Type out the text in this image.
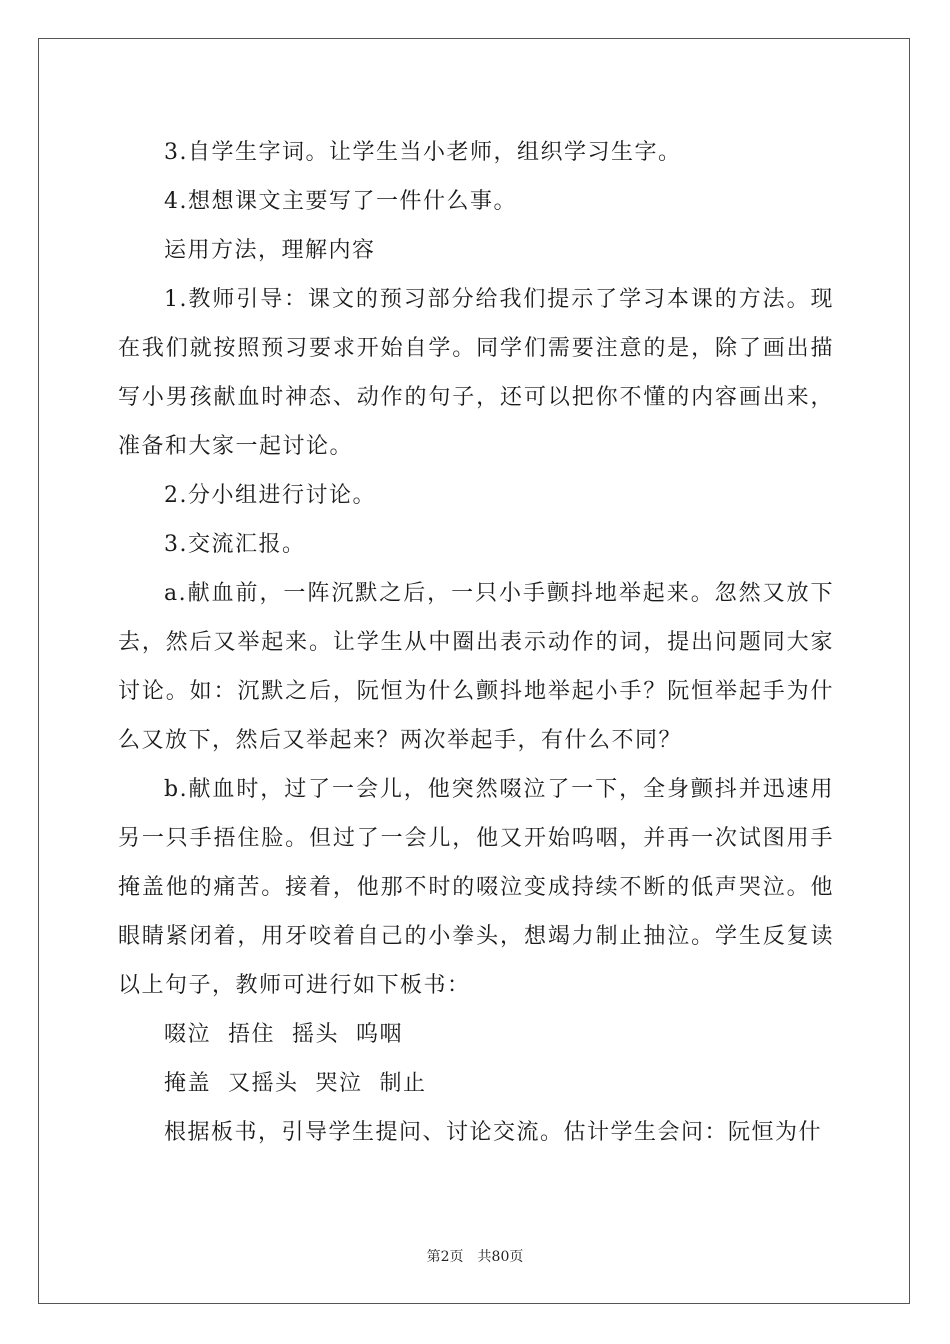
3.自学生字词。让学生当小老师，组织学习生字。

4.想想课文主要写了一件什么事。

运用方法，理解内容

1.教师引导：课文的预习部分给我们提示了学习本课的方法。现在我们就按照预习要求开始自学。同学们需要注意的是，除了画出描写小男孩献血时神态、动作的句子，还可以把你不懂的内容画出来，准备和大家一起讨论。

2.分小组进行讨论。

3.交流汇报。

a.献血前，一阵沉默之后，一只小手颤抖地举起来。忽然又放下去，然后又举起来。让学生从中圈出表示动作的词，提出问题同大家讨论。如：沉默之后，阮恒为什么颤抖地举起小手？阮恒举起手为什么又放下，然后又举起来？两次举起手，有什么不同？

b.献血时，过了一会儿，他突然啜泣了一下，全身颤抖并迅速用另一只手捂住脸。但过了一会儿，他又开始呜咽，并再一次试图用手掩盖他的痛苦。接着，他那不时的啜泣变成持续不断的低声哭泣。他眼睛紧闭着，用牙咬着自己的小拳头，想竭力制止抽泣。学生反复读以上句子，教师可进行如下板书：

啜泣  捂住  摇头  呜咽

掩盖  又摇头  哭泣  制止

根据板书，引导学生提问、讨论交流。估计学生会问：阮恒为什

第2页　共80页
